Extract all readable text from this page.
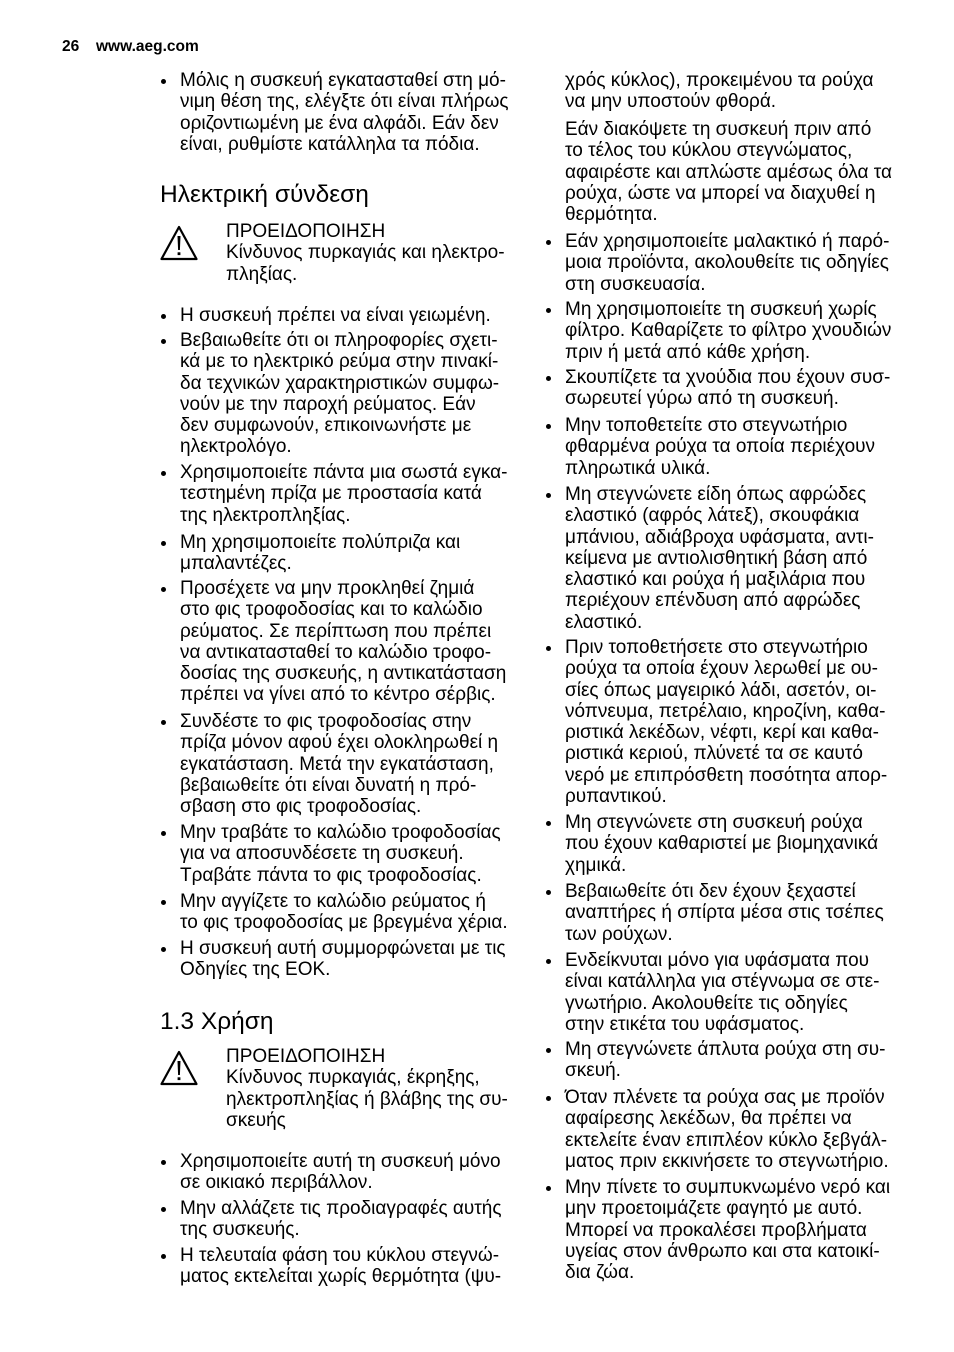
26 www.aeg.com
Μόλις η συσκευή εγκατασταθεί στη μό-
νιμη θέση της, ελέγξτε ότι είναι πλήρως
οριζοντιωμένη με ένα αλφάδι. Εάν δεν
είναι, ρυθμίστε κατάλληλα τα πόδια.
Ηλεκτρική σύνδεση
ΠΡΟΕΙΔΟΠΟΙΗΣΗ
Κίνδυνος πυρκαγιάς και ηλεκτρο-
πληξίας.
Η συσκευή πρέπει να είναι γειωμένη.
Βεβαιωθείτε ότι οι πληροφορίες σχετι-
κά με το ηλεκτρικό ρεύμα στην πινακί-
δα τεχνικών χαρακτηριστικών συμφω-
νούν με την παροχή ρεύματος. Εάν
δεν συμφωνούν, επικοινωνήστε με
ηλεκτρολόγο.
Χρησιμοποιείτε πάντα μια σωστά εγκα-
τεστημένη πρίζα με προστασία κατά
της ηλεκτροπληξίας.
Μη χρησιμοποιείτε πολύπριζα και
μπαλαντέζες.
Προσέχετε να μην προκληθεί ζημιά
στο φις τροφοδοσίας και το καλώδιο
ρεύματος. Σε περίπτωση που πρέπει
να αντικατασταθεί το καλώδιο τροφο-
δοσίας της συσκευής, η αντικατάσταση
πρέπει να γίνει από το κέντρο σέρβις.
Συνδέστε το φις τροφοδοσίας στην
πρίζα μόνον αφού έχει ολοκληρωθεί η
εγκατάσταση. Μετά την εγκατάσταση,
βεβαιωθείτε ότι είναι δυνατή η πρό-
σβαση στο φις τροφοδοσίας.
Μην τραβάτε το καλώδιο τροφοδοσίας
για να αποσυνδέσετε τη συσκευή.
Τραβάτε πάντα το φις τροφοδοσίας.
Μην αγγίζετε το καλώδιο ρεύματος ή
το φις τροφοδοσίας με βρεγμένα χέρια.
Η συσκευή αυτή συμμορφώνεται με τις
Οδηγίες της ΕΟΚ.
1.3 Χρήση
ΠΡΟΕΙΔΟΠΟΙΗΣΗ
Κίνδυνος πυρκαγιάς, έκρηξης,
ηλεκτροπληξίας ή βλάβης της συ-
σκευής
Χρησιμοποιείτε αυτή τη συσκευή μόνο
σε οικιακό περιβάλλον.
Μην αλλάζετε τις προδιαγραφές αυτής
της συσκευής.
Η τελευταία φάση του κύκλου στεγνώ-
ματος εκτελείται χωρίς θερμότητα (ψυ-
χρός κύκλος), προκειμένου τα ρούχα
να μην υποστούν φθορά.
Εάν διακόψετε τη συσκευή πριν από
το τέλος του κύκλου στεγνώματος,
αφαιρέστε και απλώστε αμέσως όλα τα
ρούχα, ώστε να μπορεί να διαχυθεί η
θερμότητα.
Εάν χρησιμοποιείτε μαλακτικό ή παρό-
μοια προϊόντα, ακολουθείτε τις οδηγίες
στη συσκευασία.
Μη χρησιμοποιείτε τη συσκευή χωρίς
φίλτρο. Καθαρίζετε το φίλτρο χνουδιών
πριν ή μετά από κάθε χρήση.
Σκουπίζετε τα χνούδια που έχουν συσ-
σωρευτεί γύρω από τη συσκευή.
Μην τοποθετείτε στο στεγνωτήριο
φθαρμένα ρούχα τα οποία περιέχουν
πληρωτικά υλικά.
Μη στεγνώνετε είδη όπως αφρώδες
ελαστικό (αφρός λάτεξ), σκουφάκια
μπάνιου, αδιάβροχα υφάσματα, αντι-
κείμενα με αντιολισθητική βάση από
ελαστικό και ρούχα ή μαξιλάρια που
περιέχουν επένδυση από αφρώδες
ελαστικό.
Πριν τοποθετήσετε στο στεγνωτήριο
ρούχα τα οποία έχουν λερωθεί με ου-
σίες όπως μαγειρικό λάδι, ασετόν, οι-
νόπνευμα, πετρέλαιο, κηροζίνη, καθα-
ριστικά λεκέδων, νέφτι, κερί και καθα-
ριστικά κεριού, πλύνετέ τα σε καυτό
νερό με επιπρόσθετη ποσότητα απορ-
ρυπαντικού.
Μη στεγνώνετε στη συσκευή ρούχα
που έχουν καθαριστεί με βιομηχανικά
χημικά.
Βεβαιωθείτε ότι δεν έχουν ξεχαστεί
αναπτήρες ή σπίρτα μέσα στις τσέπες
των ρούχων.
Ενδείκνυται μόνο για υφάσματα που
είναι κατάλληλα για στέγνωμα σε στε-
γνωτήριο. Ακολουθείτε τις οδηγίες
στην ετικέτα του υφάσματος.
Μη στεγνώνετε άπλυτα ρούχα στη συ-
σκευή.
Όταν πλένετε τα ρούχα σας με προϊόν
αφαίρεσης λεκέδων, θα πρέπει να
εκτελείτε έναν επιπλέον κύκλο ξεβγάλ-
ματος πριν εκκινήσετε το στεγνωτήριο.
Μην πίνετε το συμπυκνωμένο νερό και
μην προετοιμάζετε φαγητό με αυτό.
Μπορεί να προκαλέσει προβλήματα
υγείας στον άνθρωπο και στα κατοικί-
δια ζώα.
